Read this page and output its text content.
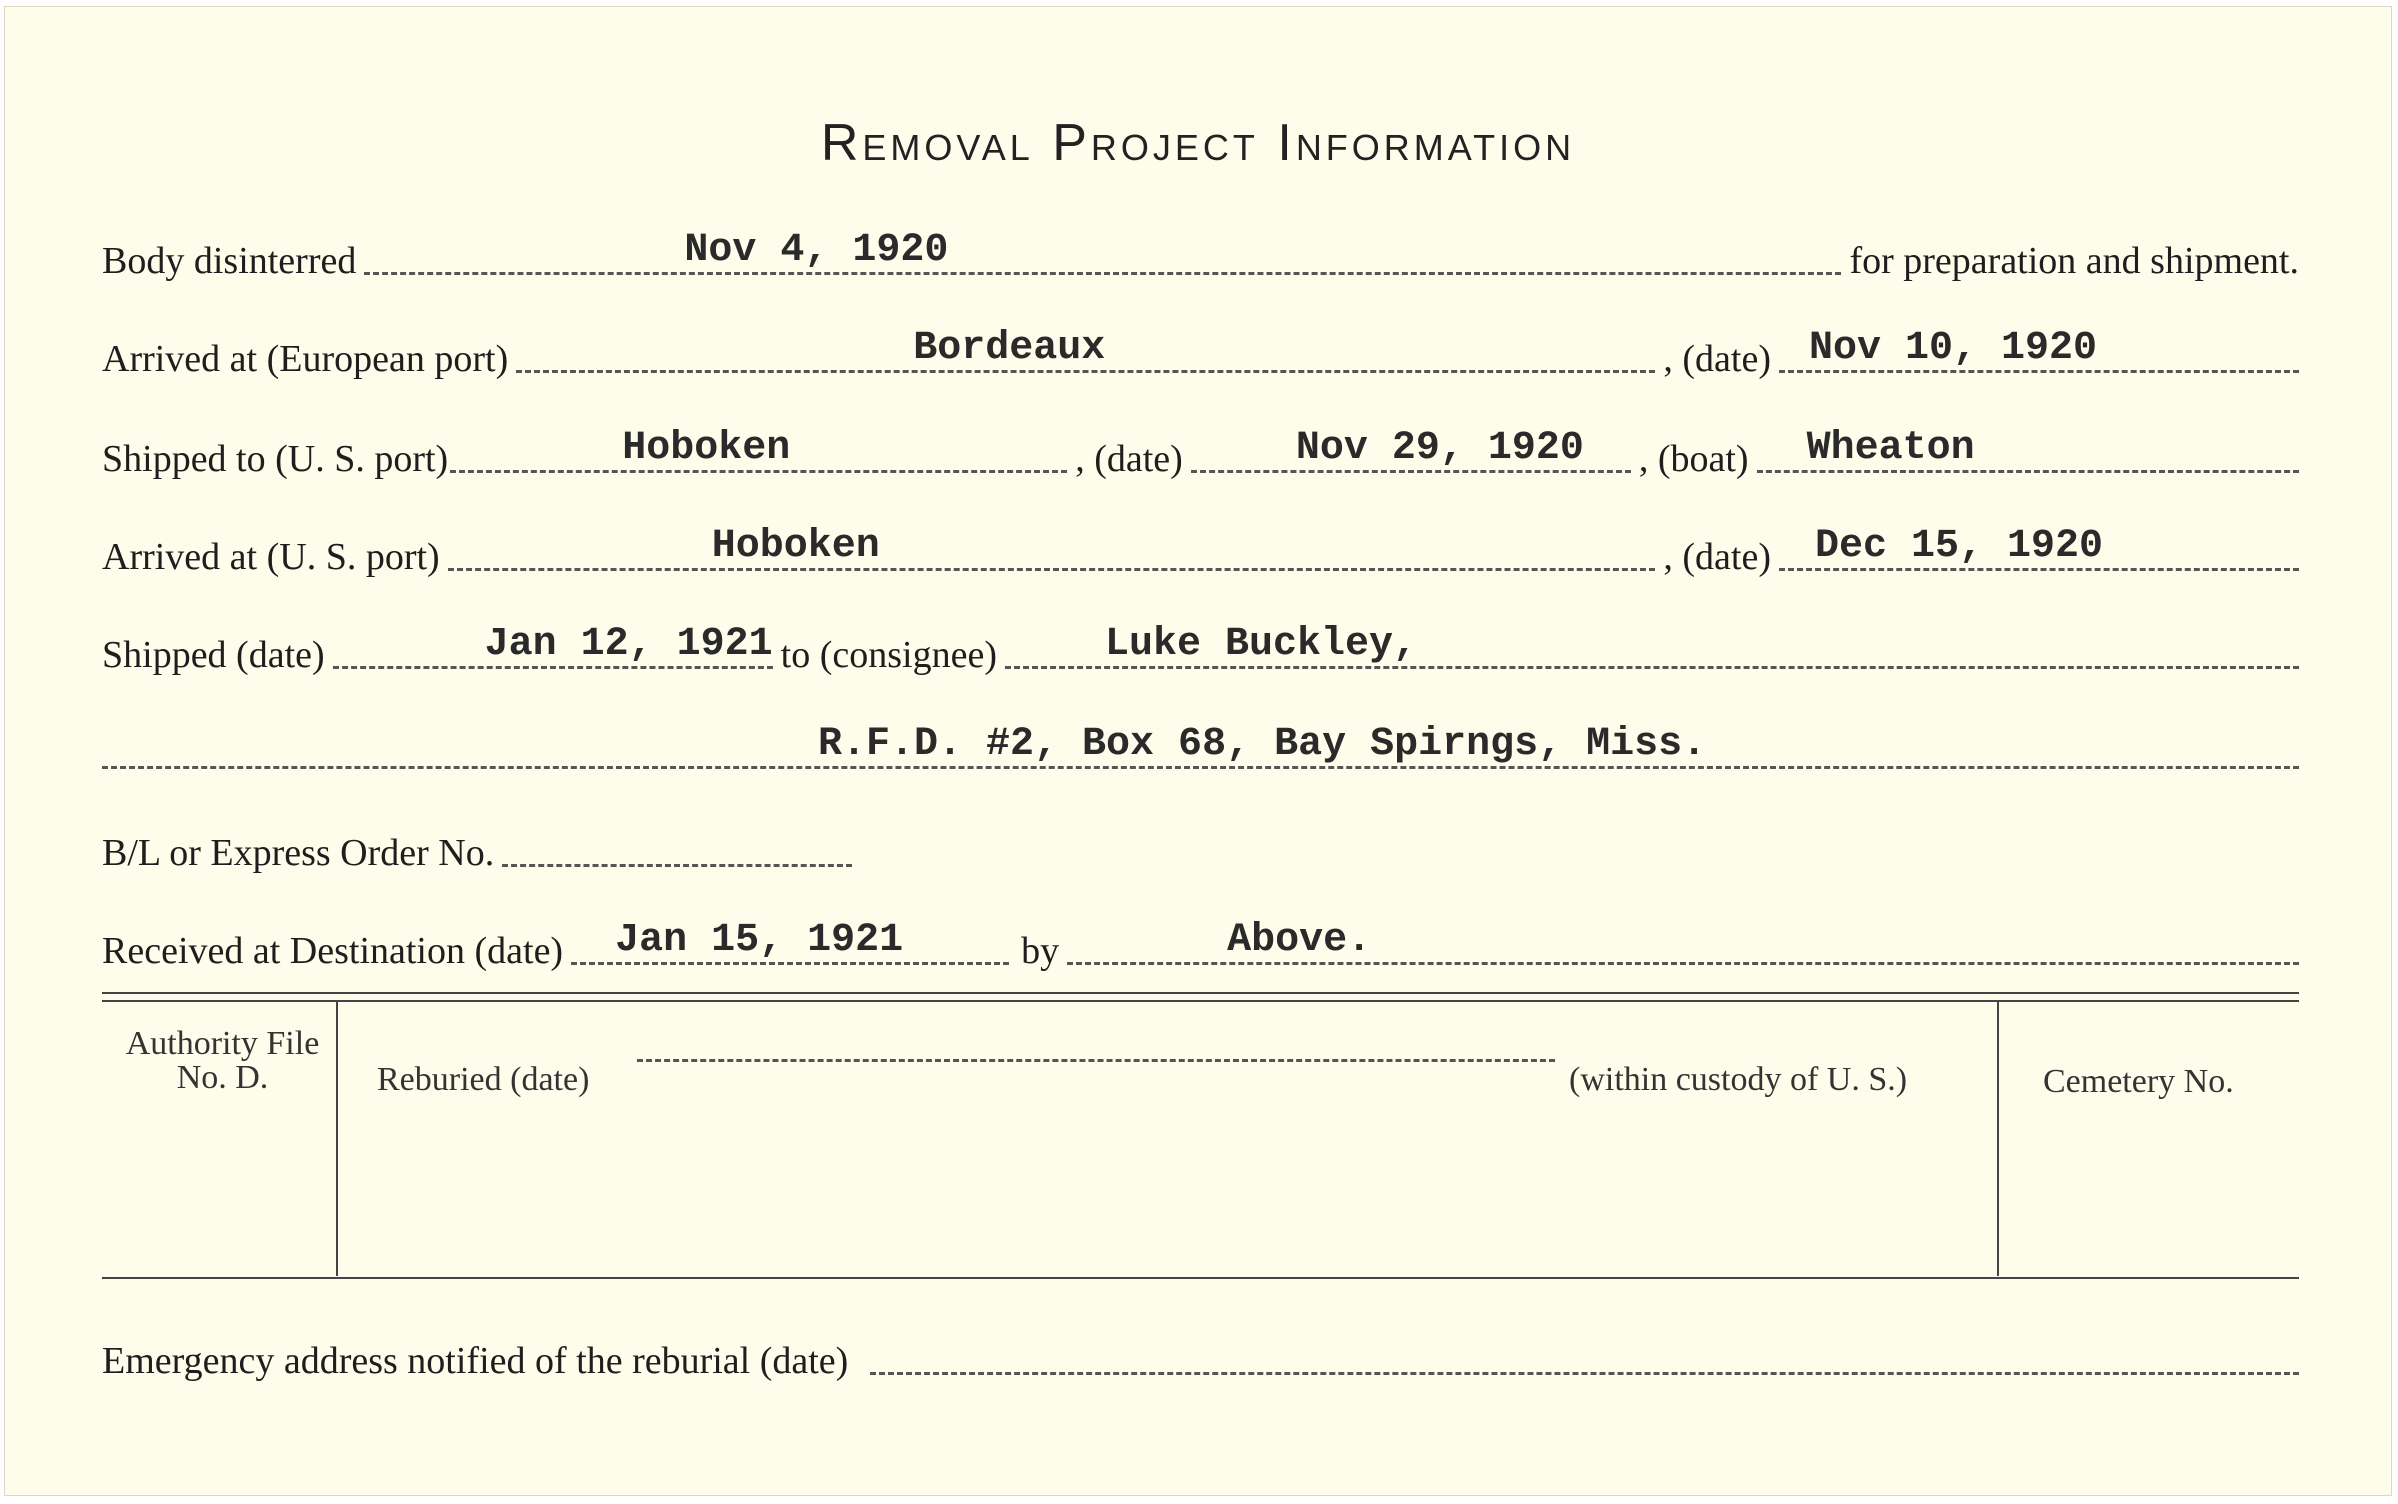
Removal Project Information
Body disinterred	Nov 4, 1920	for preparation and shipment.
Arrived at (European port)	Bordeaux	, (date) Nov 10, 1920
Shipped to (U. S. port)	Hoboken	, (date)	Nov 29, 1920	, (boat) Wheaton
Arrived at (U. S. port)	Hoboken	, (date) Dec 15, 1920
Shipped (date)	Jan 12, 1921 to (consignee)	Luke Buckley,
R.F.D. #2, Box 68, Bay Spirngs, Miss.
B/L or Express Order No.
Received at Destination (date) Jan 15, 1921	by	Above.
Authority File No. D.	Reburied (date)	(within custody of U. S.)	Cemetery No.
Emergency address notified of the reburial (date)
